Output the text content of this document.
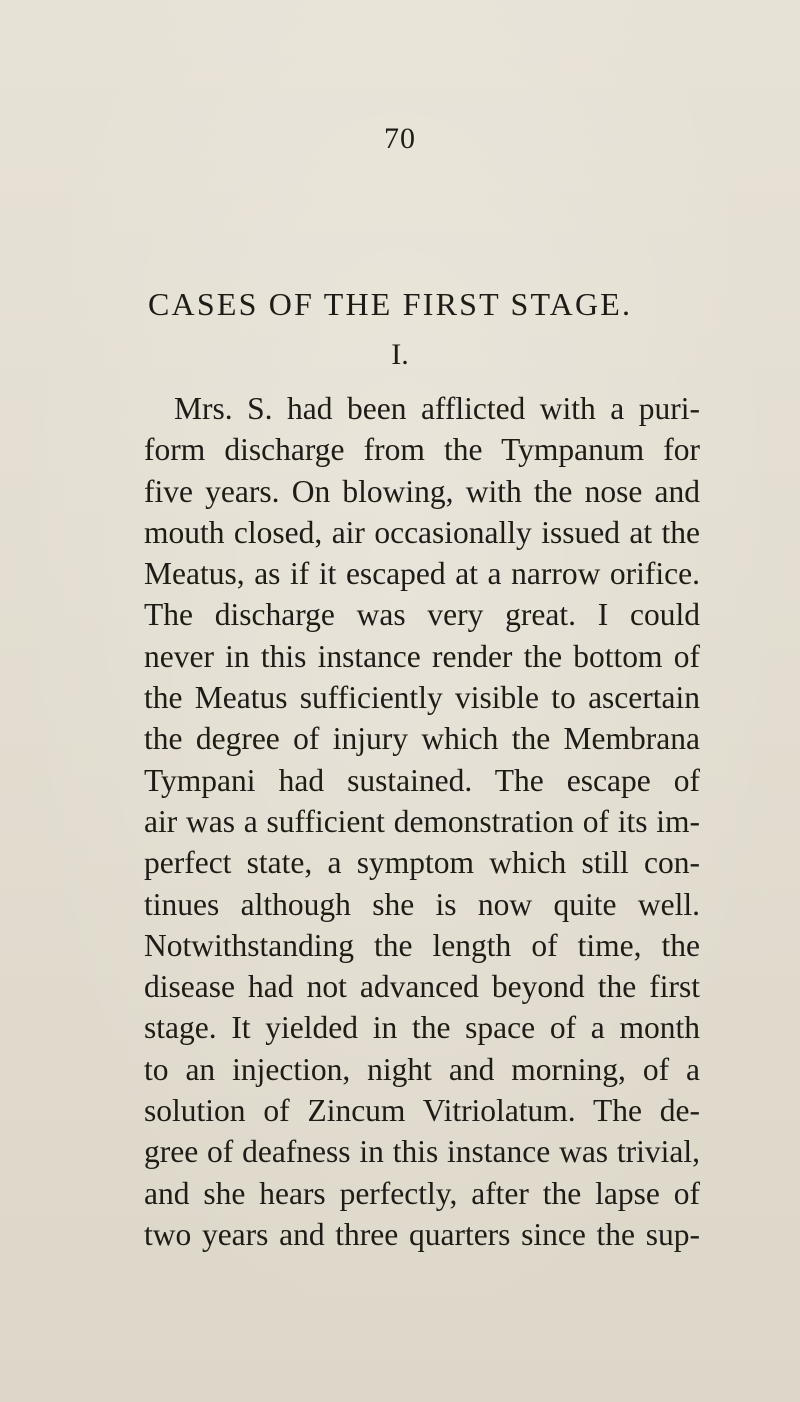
70
CASES OF THE FIRST STAGE.
I.
Mrs. S. had been afflicted with a puri-
form discharge from the Tympanum for
five years. On blowing, with the nose and
mouth closed, air occasionally issued at the
Meatus, as if it escaped at a narrow orifice.
The discharge was very great. I could
never in this instance render the bottom of
the Meatus sufficiently visible to ascertain
the degree of injury which the Membrana
Tympani had sustained. The escape of
air was a sufficient demonstration of its im-
perfect state, a symptom which still con-
tinues although she is now quite well.
Notwithstanding the length of time, the
disease had not advanced beyond the first
stage. It yielded in the space of a month
to an injection, night and morning, of a
solution of Zincum Vitriolatum. The de-
gree of deafness in this instance was trivial,
and she hears perfectly, after the lapse of
two years and three quarters since the sup-
